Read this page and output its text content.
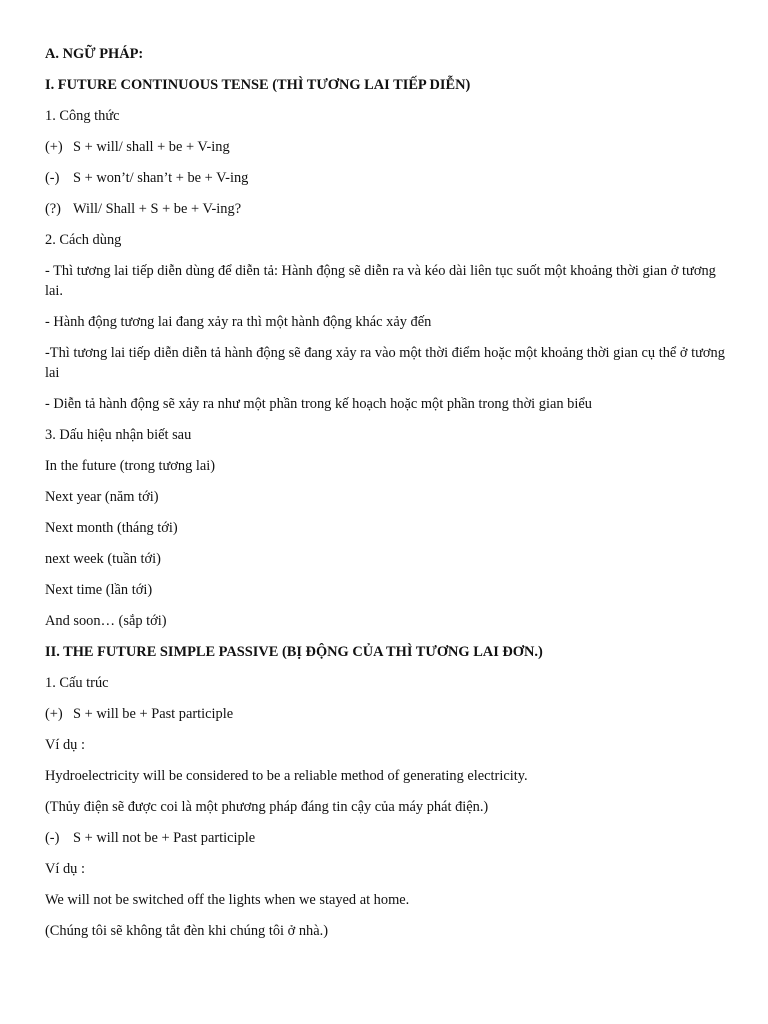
A. NGỮ PHÁP:
I. FUTURE CONTINUOUS TENSE (THÌ TƯƠNG LAI TIẾP DIỄN)
1. Công thức
(+) S + will/ shall + be + V-ing
(-) S + won’t/ shan’t + be + V-ing
(?) Will/ Shall + S + be + V-ing?
2. Cách dùng
- Thì tương lai tiếp diễn dùng để diễn tả: Hành động sẽ diễn ra và kéo dài liên tục suốt một khoảng thời gian ở tương lai.
- Hành động tương lai đang xảy ra thì một hành động khác xảy đến
-Thì tương lai tiếp diễn diễn tả hành động sẽ đang xảy ra vào một thời điểm hoặc một khoảng thời gian cụ thể ở tương lai
- Diễn tả hành động sẽ xảy ra như một phần trong kế hoạch hoặc một phần trong thời gian biểu
3. Dấu hiệu nhận biết sau
In the future (trong tương lai)
Next year (năm tới)
Next month (tháng tới)
next week (tuần tới)
Next time (lần tới)
And soon… (sắp tới)
II. THE FUTURE SIMPLE PASSIVE (BỊ ĐỘNG CỦA THÌ TƯƠNG LAI ĐƠN.)
1. Cấu trúc
(+) S + will be + Past participle
Ví dụ :
Hydroelectricity will be considered to be a reliable method of generating electricity.
(Thủy điện sẽ được coi là một phương pháp đáng tin cậy của máy phát điện.)
(-) S + will not be + Past participle
Ví dụ :
We will not be switched off the lights when we stayed at home.
(Chúng tôi sẽ không tắt đèn khi chúng tôi ở nhà.)
